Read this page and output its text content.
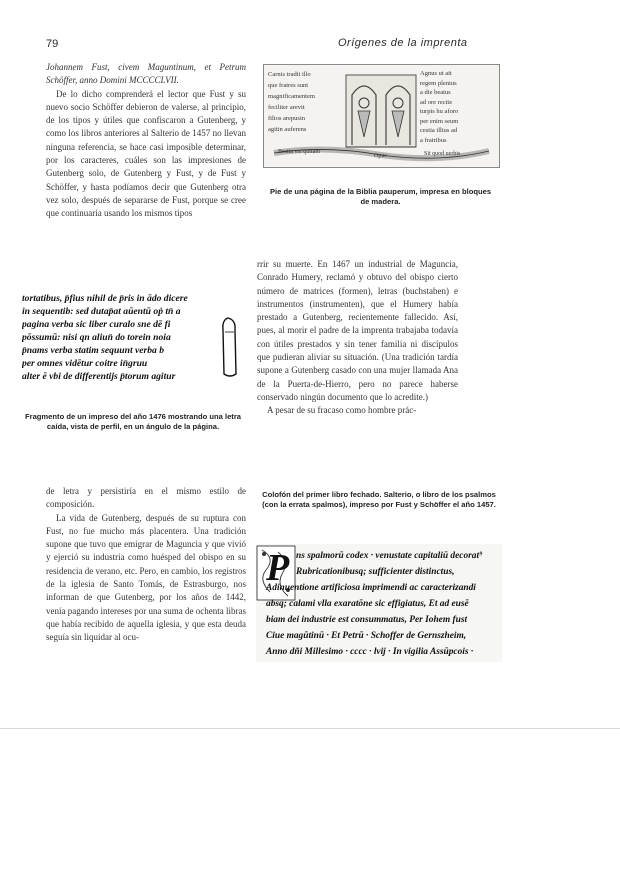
79	Orígenes de la imprenta

Johannem Fust, civem Maguntinum, et Petrum Schöffer, anno Domini MCCCCLVII.

De lo dicho comprenderá el lector que Fust y su nuevo socio Schöffer debieron de valerse, al principio, de los tipos y útiles que confiscaron a Gutenberg, y como los libros anteriores al Salterio de 1457 no llevan ninguna referencia, se hace casi imposible determinar, por los caracteres, cuáles son las impresiones de Gutenberg solo, de Gutenberg y Fust, y de Fust y Schöffer, y hasta podíamos decir que Gutenberg otra vez solo, después de separarse de Fust, porque se cree que continuaría usando los mismos tipos

Carnis tradit illo
que fratres sunt
magnificamentem
feciliter arevit
filios arepusin
agitin auferens
Agnus ut ait
regem plenius
a die beatus
ad ore recite
turpis hu aforo
per enim seum
cestia illius ad
a fratribus
Bestia ver'quitam
Opus	Sit quod uerbis
Pie de una página de la Biblia pauperum, impresa en bloques de madera.
tortatibus, p̄fius nihil de p̄ris in ādo dicere
in sequentib: sed dutap̄at aūentū oṗ tn̄ a
pagina verba sic liber curalo sne dē fi
pōssumū: nisi qn aliun̄ do torein noia
p̄nams verba statim sequunt verba b
per omnes vidētur coitre in̄gruu
alter ē vbi de differentijs p̄torum agitur
Fragmento de un impreso del año 1476 mostrando una letra caída, vista de perfil, en un ángulo de la página.

rrir su muerte. En 1467 un industrial de Maguncia, Conrado Humery, reclamó y obtuvo del obispo cierto número de matrices (formen), letras (buchstaben) e instrumentos (instrumenten), que el Humery había prestado a Gutenberg, recientemente fallecido. Así, pues, al morir el padre de la imprenta trabajaba todavía con útiles prestados y sin tener familia ni discípulos que pudieran aliviar su situación. (Una tradición tardía supone a Gutenberg casado con una mujer llamada Ana de la Puerta-de-Hierro, pero no parece haberse conservado ningún documento que lo acredite.)

A pesar de su fracaso como hombre prác-

de letra y persistiría en el mismo estilo de composición.

La vida de Gutenberg, después de su ruptura con Fust, no fue mucho más placentera. Una tradición supone que tuvo que emigrar de Maguncia y que vivió y ejerció su industria como huésped del obispo en su residencia de verano, etc. Pero, en cambio, los registros de la iglesia de Santo Tomás, de Estrasburgo, nos informan de que Gutenberg, por los años de 1442, venía pagando intereses por una suma de ochenta libras que había recibido de aquella iglesia, y que esta deuda seguía sin liquidar al ocu-

Colofón del primer libro fechado. Salterio, o libro de los psalmos (con la errata spalmos), impreso por Fust y Schöffer el año 1457.
P ns spalmorū codex · venustate capitaliū decorat⁹
Rubricationibusq; sufficienter distinctus,
Adinuentione artificiosa imprimendi ac caracterizandi
absq; calami vlla exaratōne sic effigiatus, Et ad eusē
biam dei industrie est consummatus, Per Iohem fust
Ciue magūtinū · Et Petrū · Schoffer de Gernszheim,
Anno dñi Millesimo · cccc · lvij · In vigilia Assūpcois ·
